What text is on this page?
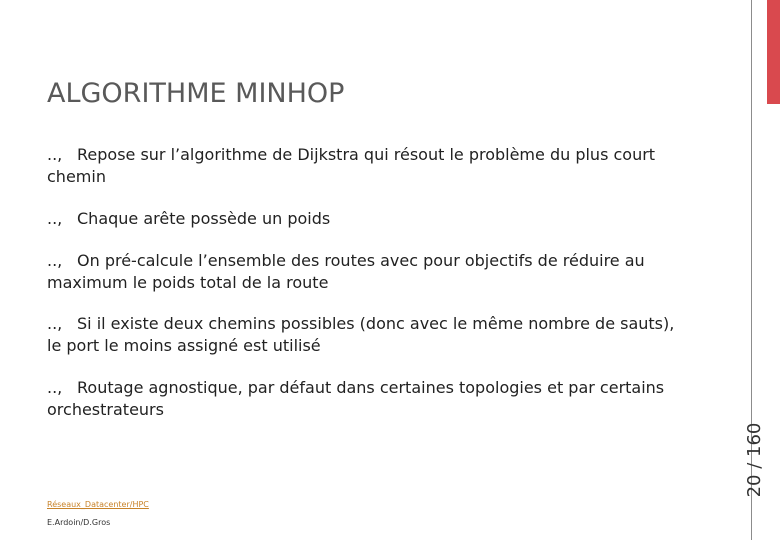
ALGORITHME MINHOP
.., Repose sur l’algorithme de Dijkstra qui résout le problème du plus court chemin
.., Chaque arête possède un poids
.., On pré-calcule l’ensemble des routes avec pour objectifs de réduire au maximum le poids total de la route
.., Si il existe deux chemins possibles (donc avec le même nombre de sauts), le port le moins assigné est utilisé
.., Routage agnostique, par défaut dans certaines topologies et par certains orchestrateurs
20 / 160
Réseaux_Datacenter/HPC
E.Ardoin/D.Gros
